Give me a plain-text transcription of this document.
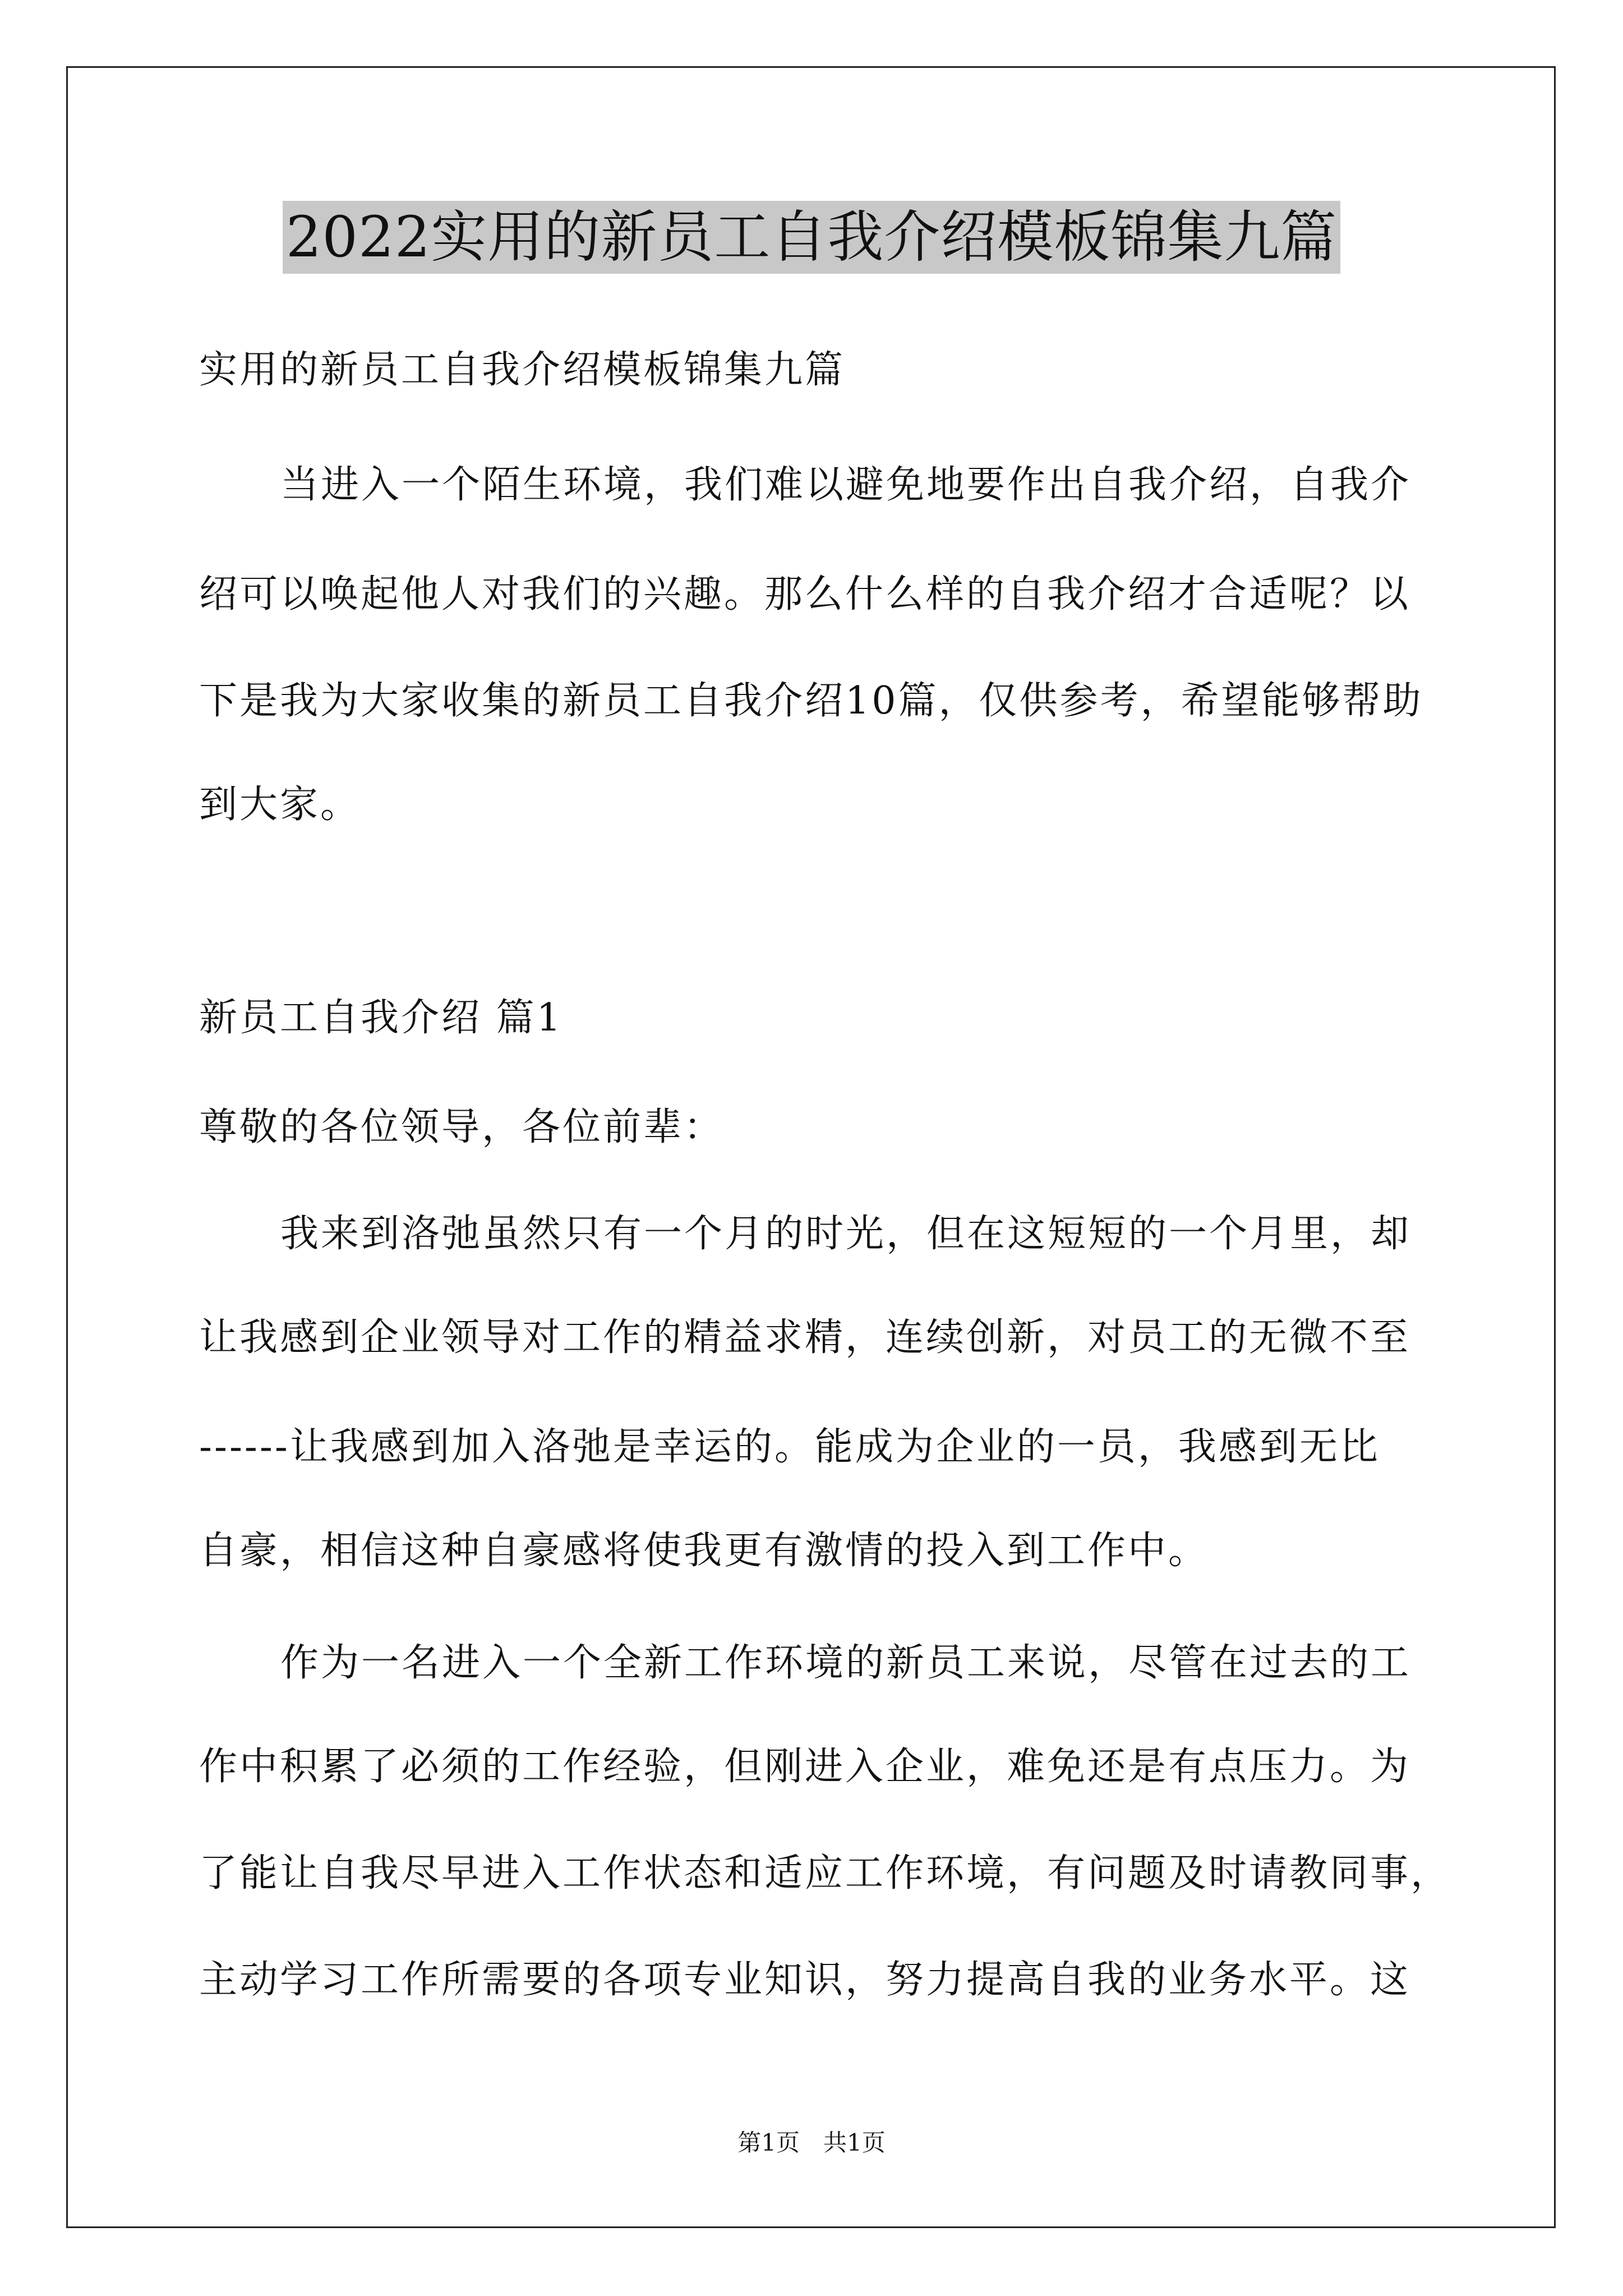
2022实用的新员工自我介绍模板锦集九篇
实用的新员工自我介绍模板锦集九篇
当进入一个陌生环境，我们难以避免地要作出自我介绍，自我介
绍可以唤起他人对我们的兴趣。那么什么样的自我介绍才合适呢？以
下是我为大家收集的新员工自我介绍10篇，仅供参考，希望能够帮助
到大家。
新员工自我介绍 篇1
尊敬的各位领导，各位前辈：
我来到洛弛虽然只有一个月的时光，但在这短短的一个月里，却
让我感到企业领导对工作的精益求精，连续创新，对员工的无微不至
------让我感到加入洛弛是幸运的。能成为企业的一员，我感到无比
自豪，相信这种自豪感将使我更有激情的投入到工作中。
作为一名进入一个全新工作环境的新员工来说，尽管在过去的工
作中积累了必须的工作经验，但刚进入企业，难免还是有点压力。为
了能让自我尽早进入工作状态和适应工作环境，有问题及时请教同事，
主动学习工作所需要的各项专业知识，努力提高自我的业务水平。这
第1页　共1页
